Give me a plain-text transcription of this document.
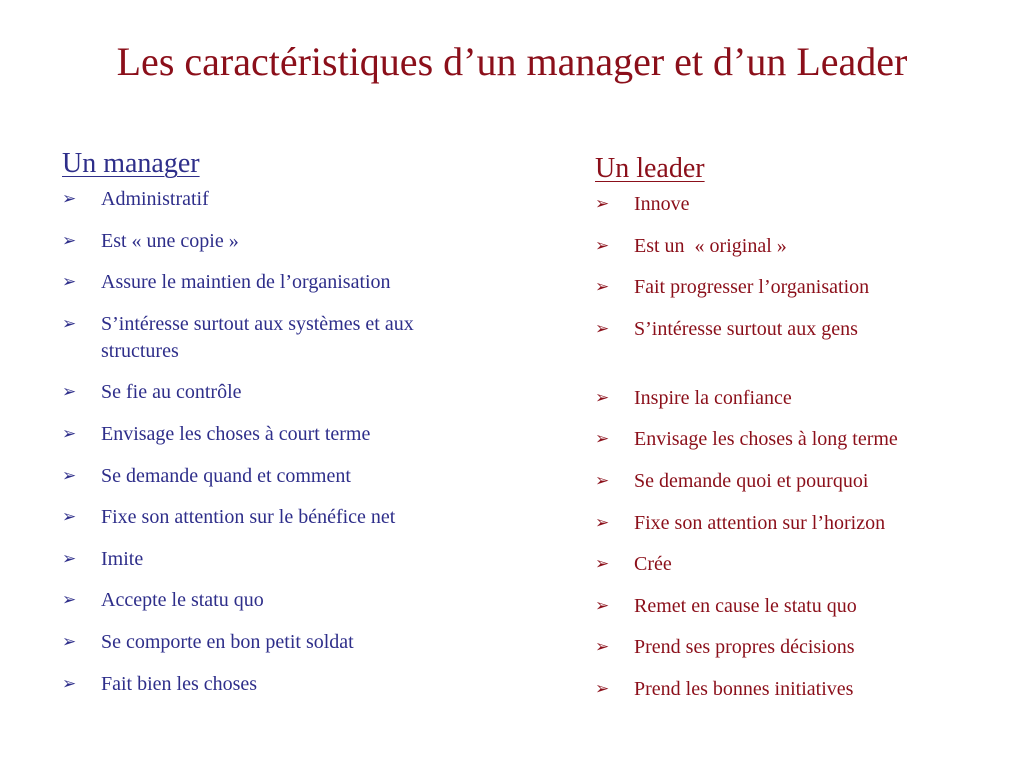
Les caractéristiques d’un manager et d’un Leader
Un manager
➢ Administratif
➢ Est « une copie »
➢ Assure le maintien de l’organisation
➢ S’intéresse surtout aux systèmes et aux structures
➢ Se fie au contrôle
➢ Envisage les choses à court terme
➢ Se demande quand et comment
➢ Fixe son attention sur le bénéfice net
➢ Imite
➢ Accepte le statu quo
➢ Se comporte en bon petit soldat
➢ Fait bien les choses
Un leader
➢ Innove
➢ Est un  « original »
➢ Fait progresser l’organisation
➢ S’intéresse surtout aux gens
➢ Inspire la confiance
➢ Envisage les choses à long terme
➢ Se demande quoi et pourquoi
➢ Fixe son attention sur l’horizon
➢ Crée
➢ Remet en cause le statu quo
➢ Prend ses propres décisions
➢ Prend les bonnes initiatives
